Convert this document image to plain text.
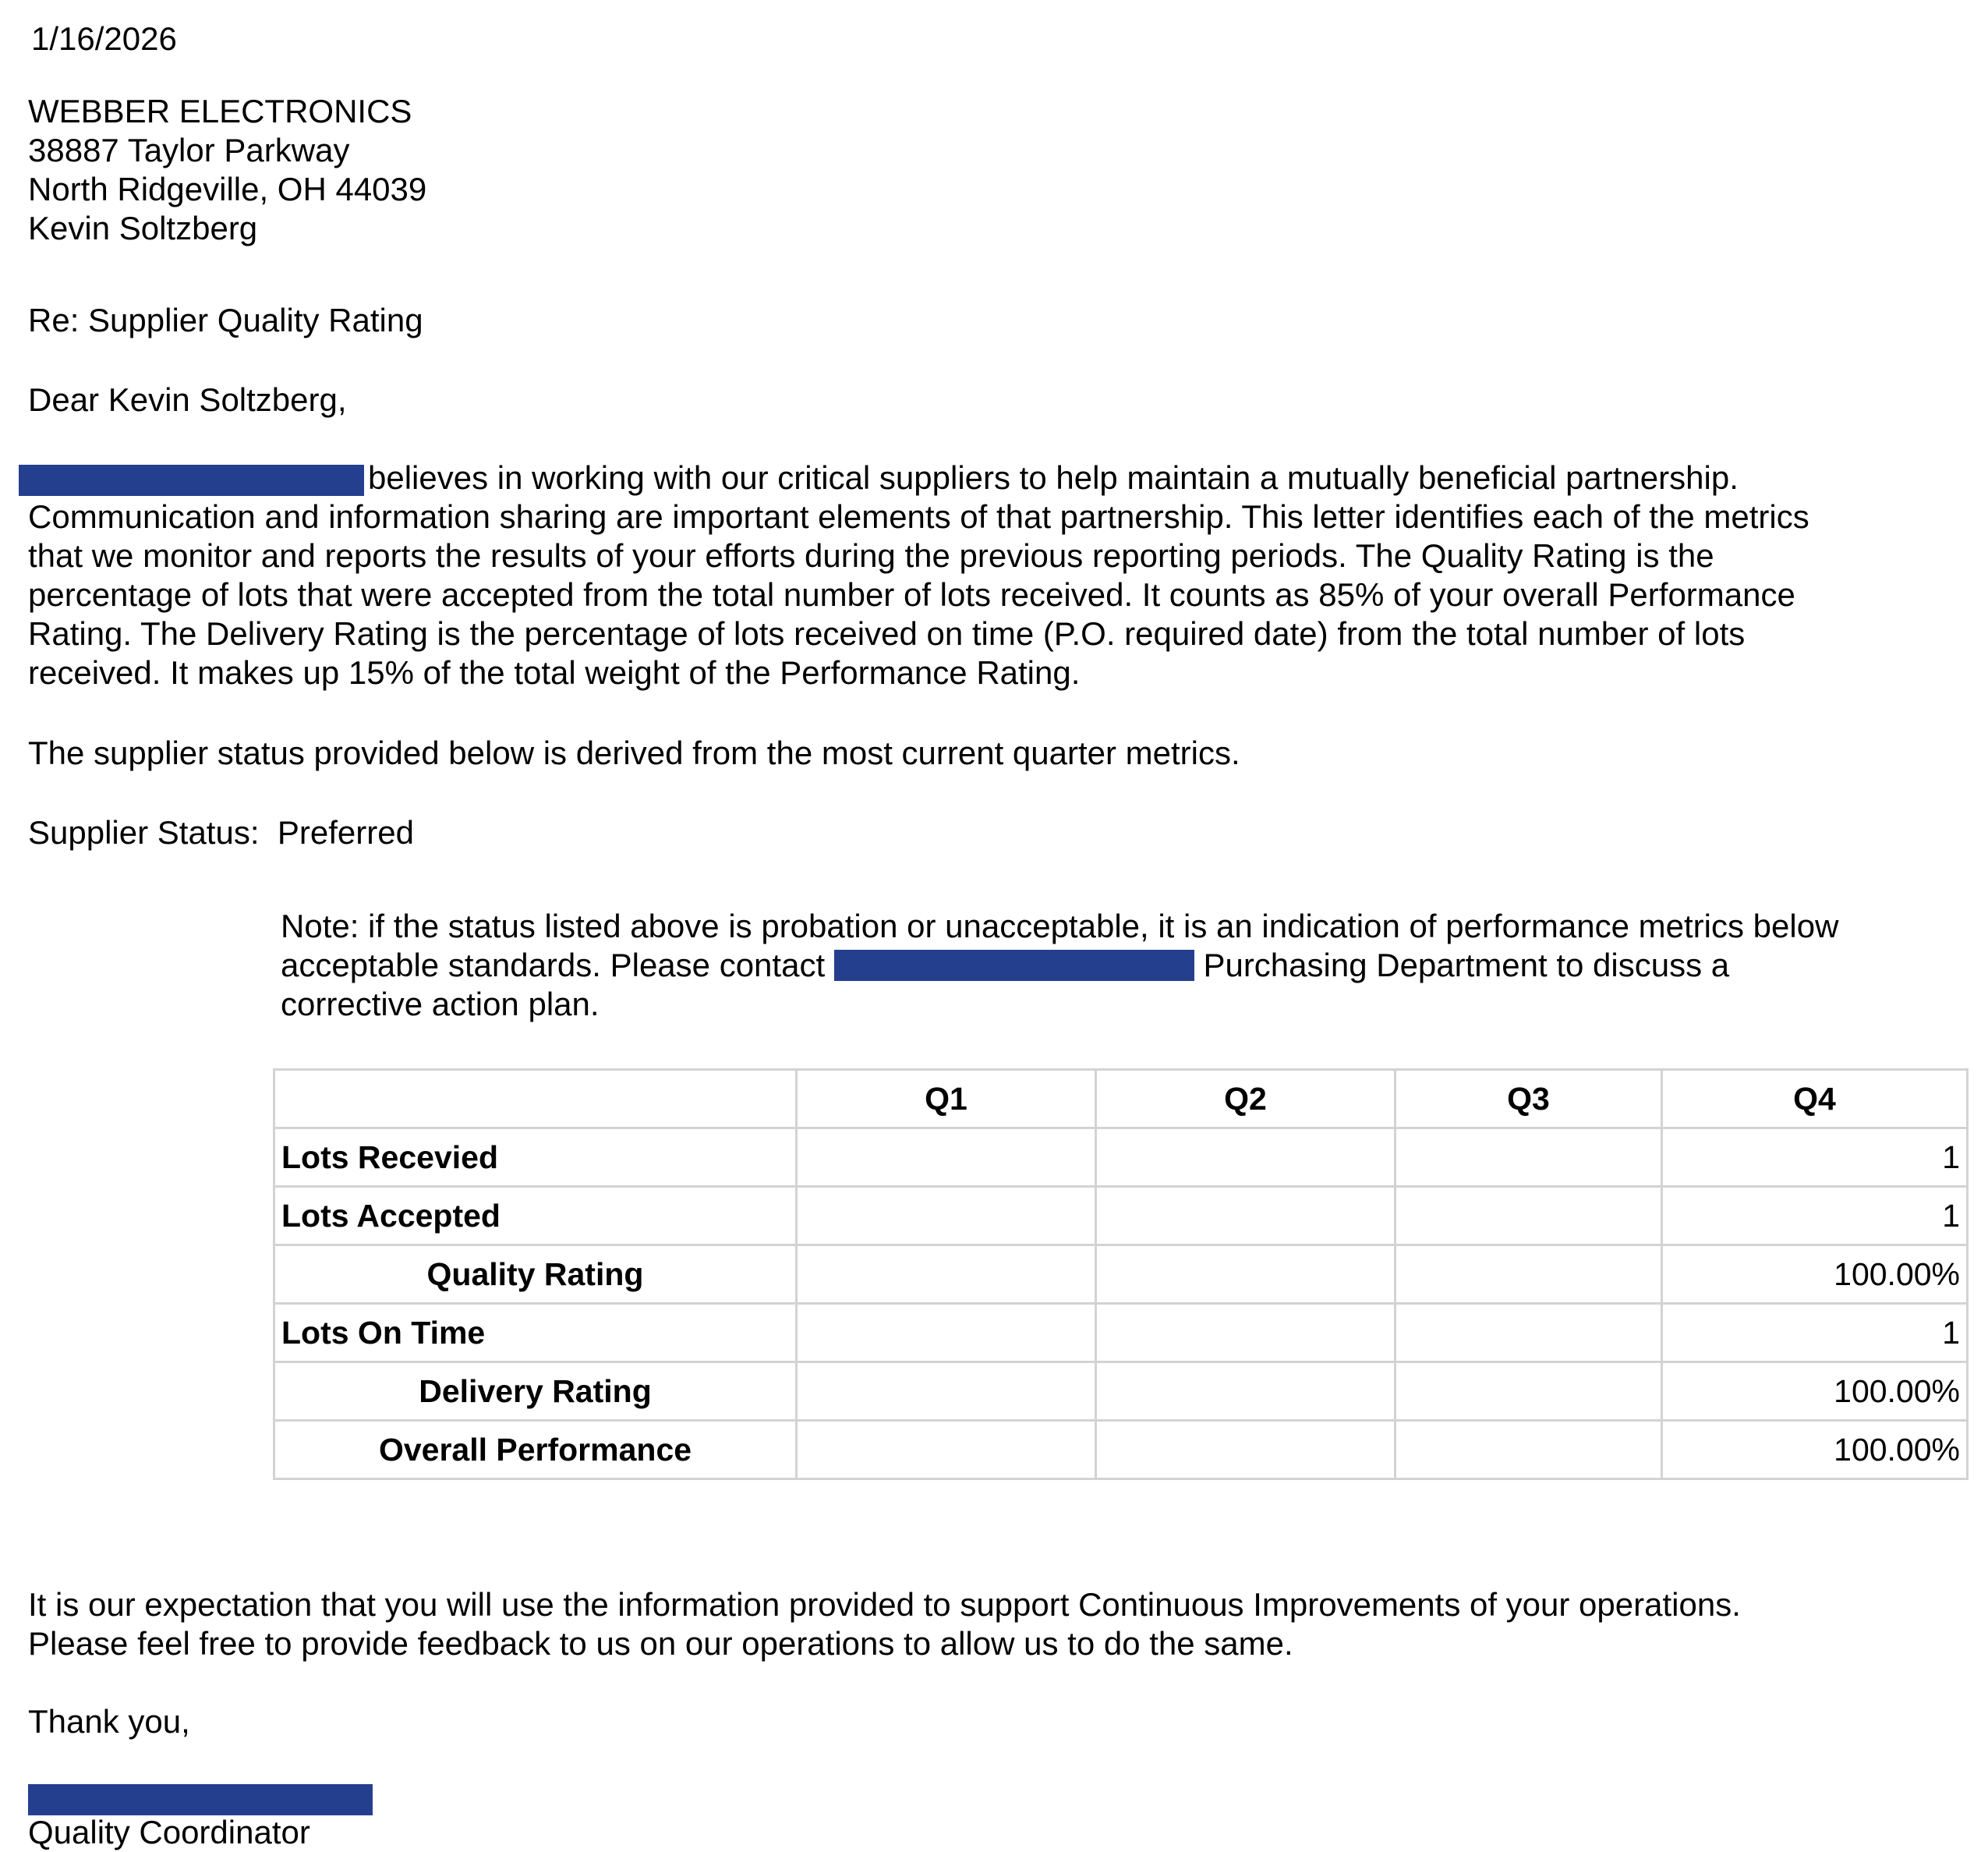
1/16/2026

WEBBER ELECTRONICS

38887 Taylor Parkway

North Ridgeville, OH 44039

Kevin Soltzberg

Re: Supplier Quality Rating

Dear Kevin Soltzberg,

believes in working with our critical suppliers to help maintain a mutually beneficial partnership.

Communication and information sharing are important elements of that partnership. This letter identifies each of the metrics

that we monitor and reports the results of your efforts during the previous reporting periods. The Quality Rating is the

percentage of lots that were accepted from the total number of lots received. It counts as 85% of your overall Performance

Rating. The Delivery Rating is the percentage of lots received on time (P.O. required date) from the total number of lots

received. It makes up 15% of the total weight of the Performance Rating.

The supplier status provided below is derived from the most current quarter metrics.

Supplier Status: Preferred

Note: if the status listed above is probation or unacceptable, it is an indication of performance metrics below

acceptable standards. Please contact	Purchasing Department to discuss a

corrective action plan.

	Q1	Q2	Q3	Q4
Lots Recevied				1
Lots Accepted				1
Quality Rating				100.00%
Lots On Time				1
Delivery Rating				100.00%
Overall Performance				100.00%

It is our expectation that you will use the information provided to support Continuous Improvements of your operations.

Please feel free to provide feedback to us on our operations to allow us to do the same.

Thank you,

Quality Coordinator
